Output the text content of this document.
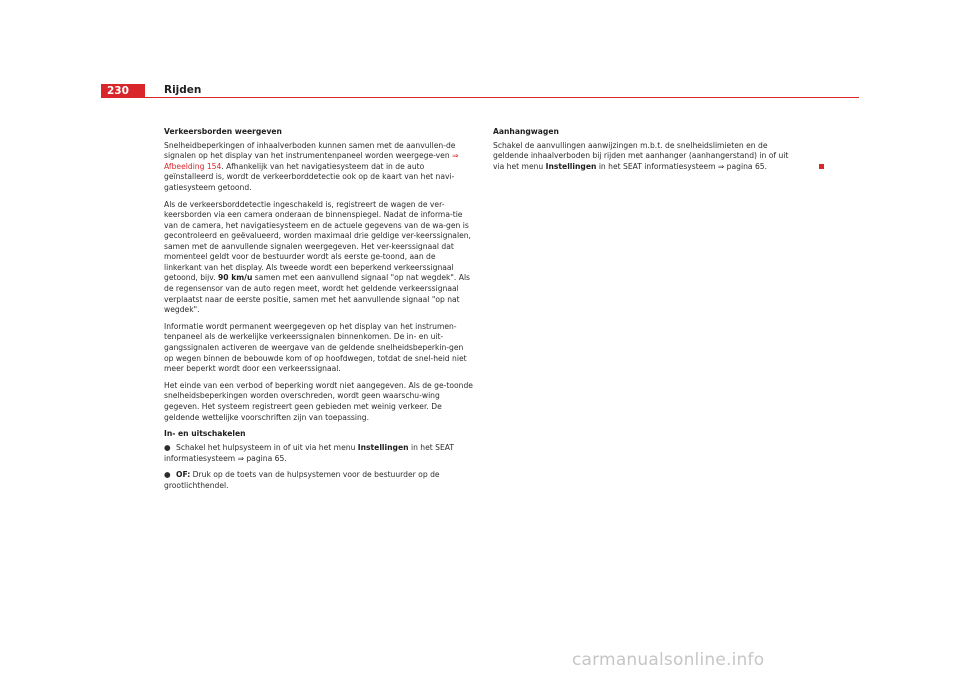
230	Rijden
Verkeersborden weergeven

Snelheidbeperkingen of inhaalverboden kunnen samen met de aanvullen-de signalen op het display van het instrumentenpaneel worden weergege-ven ⇒ Afbeelding 154. Afhankelijk van het navigatiesysteem dat in de auto geïnstalleerd is, wordt de verkeerborddetectie ook op de kaart van het navi-gatiesysteem getoond.

Als de verkeersborddetectie ingeschakeld is, registreert de wagen de ver-keersborden via een camera onderaan de binnenspiegel. Nadat de informa-tie van de camera, het navigatiesysteem en de actuele gegevens van de wa-gen is gecontroleerd en geëvalueerd, worden maximaal drie geldige ver-keerssignalen, samen met de aanvullende signalen weergegeven. Het ver-keerssignaal dat momenteel geldt voor de bestuurder wordt als eerste ge-toond, aan de linkerkant van het display. Als tweede wordt een beperkend verkeerssignaal getoond, bijv. 90 km/u samen met een aanvullend signaal "op nat wegdek". Als de regensensor van de auto regen meet, wordt het geldende verkeerssignaal verplaatst naar de eerste positie, samen met het aanvullende signaal "op nat wegdek".

Informatie wordt permanent weergegeven op het display van het instrumen-tenpaneel als de werkelijke verkeerssignalen binnenkomen. De in- en uit-gangssignalen activeren de weergave van de geldende snelheidsbeperkin-gen op wegen binnen de bebouwde kom of op hoofdwegen, totdat de snel-heid niet meer beperkt wordt door een verkeerssignaal.

Het einde van een verbod of beperking wordt niet aangegeven. Als de ge-toonde snelheidsbeperkingen worden overschreden, wordt geen waarschu-wing gegeven. Het systeem registreert geen gebieden met weinig verkeer. De geldende wettelijke voorschriften zijn van toepassing.

In- en uitschakelen

● Schakel het hulpsysteem in of uit via het menu Instellingen in het SEAT informatiesysteem ⇒ pagina 65.

● OF: Druk op de toets van de hulpsystemen voor de bestuurder op de grootlichthendel.

Aanhangwagen

Schakel de aanvullingen aanwijzingen m.b.t. de snelheidslimieten en de geldende inhaalverboden bij rijden met aanhanger (aanhangerstand) in of uit via het menu Instellingen in het SEAT informatiesysteem ⇒ pagina 65.

carmanualsonline.info
